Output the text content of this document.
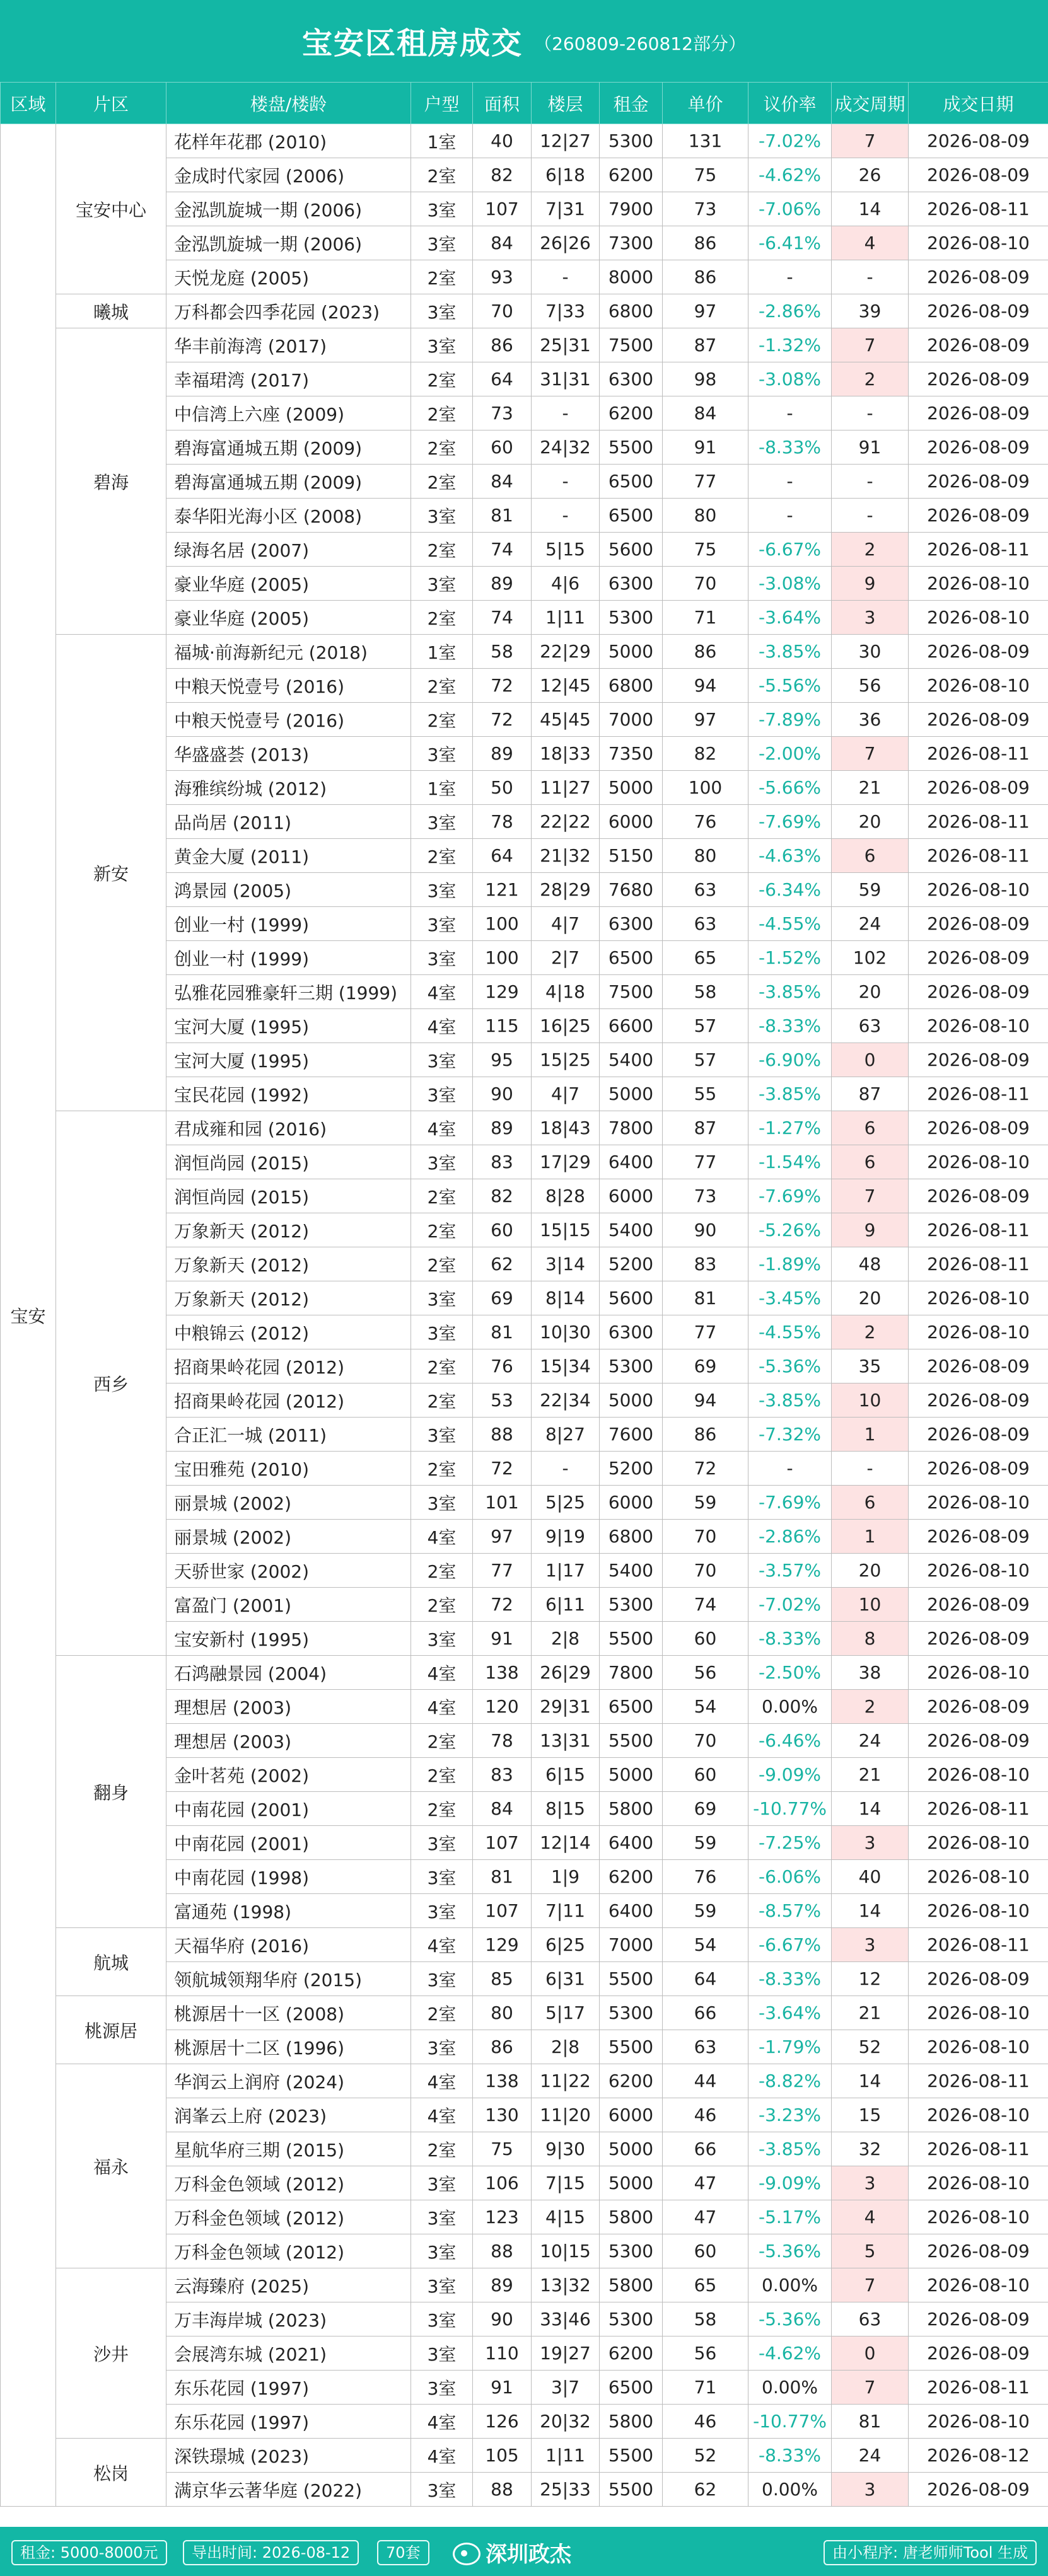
宝安区租房成交 （260809-260812部分）
区域	片区	楼盘/楼龄	户型	面积	楼层	租金	单价	议价率	成交周期	成交日期
宝安	宝安中心	花样年花郡 (2010)	1室	40	12|27	5300	131	-7.02%	7	2026-08-09
		金成时代家园 (2006)	2室	82	6|18	6200	75	-4.62%	26	2026-08-09
		金泓凯旋城一期 (2006)	3室	107	7|31	7900	73	-7.06%	14	2026-08-11
		金泓凯旋城一期 (2006)	3室	84	26|26	7300	86	-6.41%	4	2026-08-10
		天悦龙庭 (2005)	2室	93	-	8000	86	-	-	2026-08-09
	曦城	万科都会四季花园 (2023)	3室	70	7|33	6800	97	-2.86%	39	2026-08-09
	碧海	华丰前海湾 (2017)	3室	86	25|31	7500	87	-1.32%	7	2026-08-09
		幸福珺湾 (2017)	2室	64	31|31	6300	98	-3.08%	2	2026-08-09
		中信湾上六座 (2009)	2室	73	-	6200	84	-	-	2026-08-09
		碧海富通城五期 (2009)	2室	60	24|32	5500	91	-8.33%	91	2026-08-09
		碧海富通城五期 (2009)	2室	84	-	6500	77	-	-	2026-08-09
		泰华阳光海小区 (2008)	3室	81	-	6500	80	-	-	2026-08-09
		绿海名居 (2007)	2室	74	5|15	5600	75	-6.67%	2	2026-08-11
		豪业华庭 (2005)	3室	89	4|6	6300	70	-3.08%	9	2026-08-10
		豪业华庭 (2005)	2室	74	1|11	5300	71	-3.64%	3	2026-08-10
	新安	福城·前海新纪元 (2018)	1室	58	22|29	5000	86	-3.85%	30	2026-08-09
		中粮天悦壹号 (2016)	2室	72	12|45	6800	94	-5.56%	56	2026-08-10
		中粮天悦壹号 (2016)	2室	72	45|45	7000	97	-7.89%	36	2026-08-09
		华盛盛荟 (2013)	3室	89	18|33	7350	82	-2.00%	7	2026-08-11
		海雅缤纷城 (2012)	1室	50	11|27	5000	100	-5.66%	21	2026-08-09
		品尚居 (2011)	3室	78	22|22	6000	76	-7.69%	20	2026-08-11
		黄金大厦 (2011)	2室	64	21|32	5150	80	-4.63%	6	2026-08-11
		鸿景园 (2005)	3室	121	28|29	7680	63	-6.34%	59	2026-08-10
		创业一村 (1999)	3室	100	4|7	6300	63	-4.55%	24	2026-08-09
		创业一村 (1999)	3室	100	2|7	6500	65	-1.52%	102	2026-08-09
		弘雅花园雅豪轩三期 (1999)	4室	129	4|18	7500	58	-3.85%	20	2026-08-09
		宝河大厦 (1995)	4室	115	16|25	6600	57	-8.33%	63	2026-08-10
		宝河大厦 (1995)	3室	95	15|25	5400	57	-6.90%	0	2026-08-09
		宝民花园 (1992)	3室	90	4|7	5000	55	-3.85%	87	2026-08-11
	西乡	君成雍和园 (2016)	4室	89	18|43	7800	87	-1.27%	6	2026-08-09
		润恒尚园 (2015)	3室	83	17|29	6400	77	-1.54%	6	2026-08-10
		润恒尚园 (2015)	2室	82	8|28	6000	73	-7.69%	7	2026-08-09
		万象新天 (2012)	2室	60	15|15	5400	90	-5.26%	9	2026-08-11
		万象新天 (2012)	2室	62	3|14	5200	83	-1.89%	48	2026-08-11
		万象新天 (2012)	3室	69	8|14	5600	81	-3.45%	20	2026-08-10
		中粮锦云 (2012)	3室	81	10|30	6300	77	-4.55%	2	2026-08-10
		招商果岭花园 (2012)	2室	76	15|34	5300	69	-5.36%	35	2026-08-09
		招商果岭花园 (2012)	2室	53	22|34	5000	94	-3.85%	10	2026-08-09
		合正汇一城 (2011)	3室	88	8|27	7600	86	-7.32%	1	2026-08-09
		宝田雅苑 (2010)	2室	72	-	5200	72	-	-	2026-08-09
		丽景城 (2002)	3室	101	5|25	6000	59	-7.69%	6	2026-08-10
		丽景城 (2002)	4室	97	9|19	6800	70	-2.86%	1	2026-08-09
		天骄世家 (2002)	2室	77	1|17	5400	70	-3.57%	20	2026-08-10
		富盈门 (2001)	2室	72	6|11	5300	74	-7.02%	10	2026-08-09
		宝安新村 (1995)	3室	91	2|8	5500	60	-8.33%	8	2026-08-09
	翻身	石鸿融景园 (2004)	4室	138	26|29	7800	56	-2.50%	38	2026-08-10
		理想居 (2003)	4室	120	29|31	6500	54	0.00%	2	2026-08-09
		理想居 (2003)	2室	78	13|31	5500	70	-6.46%	24	2026-08-09
		金叶茗苑 (2002)	2室	83	6|15	5000	60	-9.09%	21	2026-08-10
		中南花园 (2001)	2室	84	8|15	5800	69	-10.77%	14	2026-08-11
		中南花园 (2001)	3室	107	12|14	6400	59	-7.25%	3	2026-08-10
		中南花园 (1998)	3室	81	1|9	6200	76	-6.06%	40	2026-08-10
		富通苑 (1998)	3室	107	7|11	6400	59	-8.57%	14	2026-08-10
	航城	天福华府 (2016)	4室	129	6|25	7000	54	-6.67%	3	2026-08-11
		领航城领翔华府 (2015)	3室	85	6|31	5500	64	-8.33%	12	2026-08-09
	桃源居	桃源居十一区 (2008)	2室	80	5|17	5300	66	-3.64%	21	2026-08-10
		桃源居十二区 (1996)	3室	86	2|8	5500	63	-1.79%	52	2026-08-10
	福永	华润云上润府 (2024)	4室	138	11|22	6200	44	-8.82%	14	2026-08-11
		润峯云上府 (2023)	4室	130	11|20	6000	46	-3.23%	15	2026-08-10
		星航华府三期 (2015)	2室	75	9|30	5000	66	-3.85%	32	2026-08-11
		万科金色领域 (2012)	3室	106	7|15	5000	47	-9.09%	3	2026-08-10
		万科金色领域 (2012)	3室	123	4|15	5800	47	-5.17%	4	2026-08-10
		万科金色领域 (2012)	3室	88	10|15	5300	60	-5.36%	5	2026-08-09
	沙井	云海臻府 (2025)	3室	89	13|32	5800	65	0.00%	7	2026-08-10
		万丰海岸城 (2023)	3室	90	33|46	5300	58	-5.36%	63	2026-08-09
		会展湾东城 (2021)	3室	110	19|27	6200	56	-4.62%	0	2026-08-09
		东乐花园 (1997)	3室	91	3|7	6500	71	0.00%	7	2026-08-11
		东乐花园 (1997)	4室	126	20|32	5800	46	-10.77%	81	2026-08-10
	松岗	深铁璟城 (2023)	4室	105	1|11	5500	52	-8.33%	24	2026-08-12
		满京华云著华庭 (2022)	3室	88	25|33	5500	62	0.00%	3	2026-08-09
租金: 5000-8000元	导出时间: 2026-08-12	70套	深圳政杰	由小程序: 唐老师师Tool 生成
